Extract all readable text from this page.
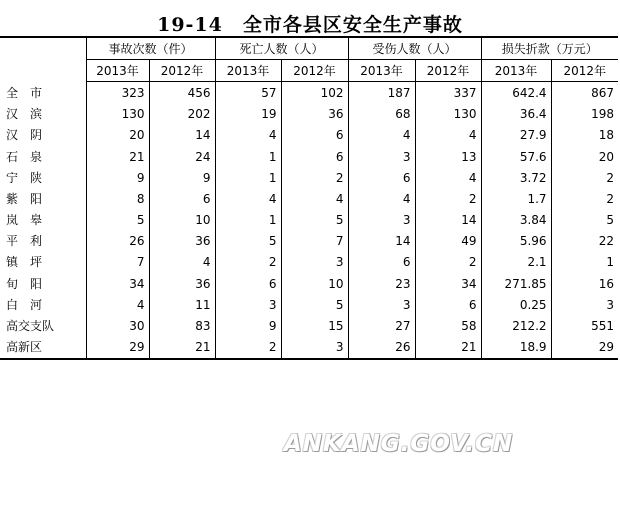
19-14　全市各县区安全生产事故
	事故次数（件）		死亡人数（人）		受伤人数（人）		损失折款（万元）	
	2013年	2012年	2013年	2012年	2013年	2012年	2013年	2012年
全　市	323	456	57	102	187	337	642.4	867
汉　滨	130	202	19	36	68	130	36.4	198
汉　阴	20	14	4	6	4	4	27.9	18
石　泉	21	24	1	6	3	13	57.6	20
宁　陕	9	9	1	2	6	4	3.72	2
紫　阳	8	6	4	4	4	2	1.7	2
岚　皋	5	10	1	5	3	14	3.84	5
平　利	26	36	5	7	14	49	5.96	22
镇　坪	7	4	2	3	6	2	2.1	1
旬　阳	34	36	6	10	23	34	271.85	16
白　河	4	11	3	5	3	6	0.25	3
高交支队	30	83	9	15	27	58	212.2	551
高新区	29	21	2	3	26	21	18.9	29
ANKANG.GOV.CN
